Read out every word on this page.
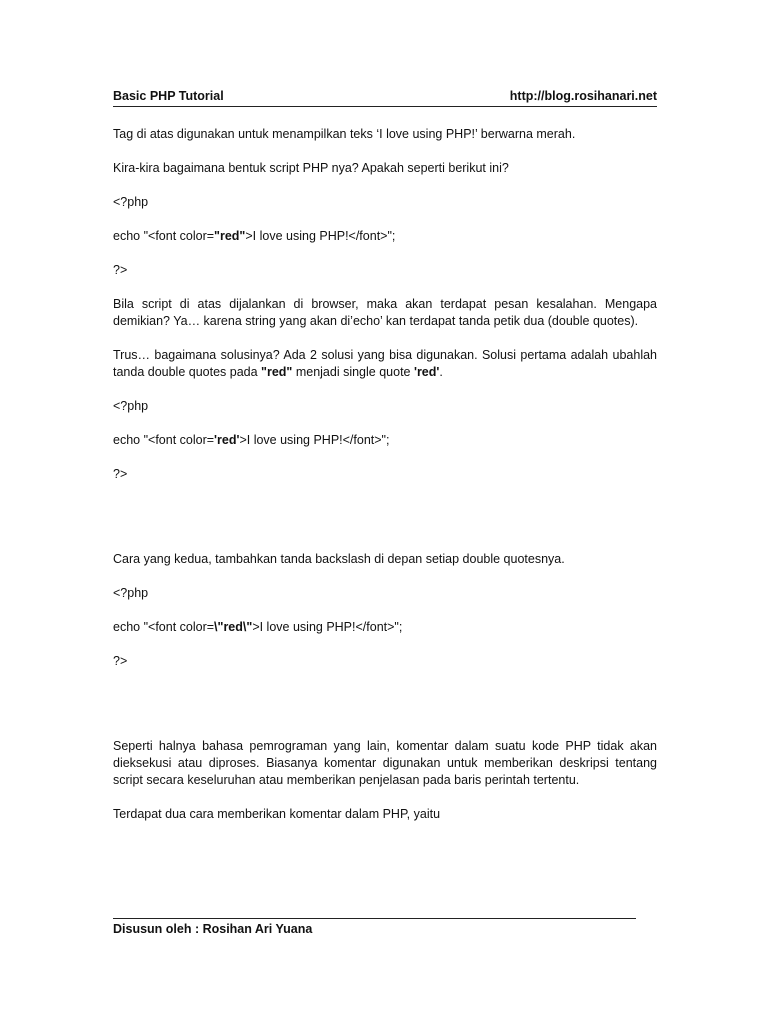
Basic PHP Tutorial	http://blog.rosihanari.net

Tag di atas digunakan untuk menampilkan teks ‘I love using PHP!’ berwarna merah.

Kira-kira bagaimana bentuk script PHP nya? Apakah seperti berikut ini?

<?php

echo "<font color="red">I love using PHP!</font>";

?>

Bila script di atas dijalankan di browser, maka akan terdapat pesan kesalahan. Mengapa demikian? Ya… karena string yang akan di’echo’ kan terdapat tanda petik dua (double quotes).

Trus… bagaimana solusinya? Ada 2 solusi yang bisa digunakan. Solusi pertama adalah ubahlah tanda double quotes pada "red" menjadi single quote 'red'.

<?php

echo "<font color='red'>I love using PHP!</font>";

?>

Cara yang kedua, tambahkan tanda backslash di depan setiap double quotesnya.

<?php

echo "<font color=\"red\">I love using PHP!</font>";

?>

Seperti halnya bahasa pemrograman yang lain, komentar dalam suatu kode PHP tidak akan dieksekusi atau diproses. Biasanya komentar digunakan untuk memberikan deskripsi tentang script secara keseluruhan atau memberikan penjelasan pada baris perintah tertentu.

Terdapat dua cara memberikan komentar dalam PHP, yaitu

Disusun oleh : Rosihan Ari Yuana
